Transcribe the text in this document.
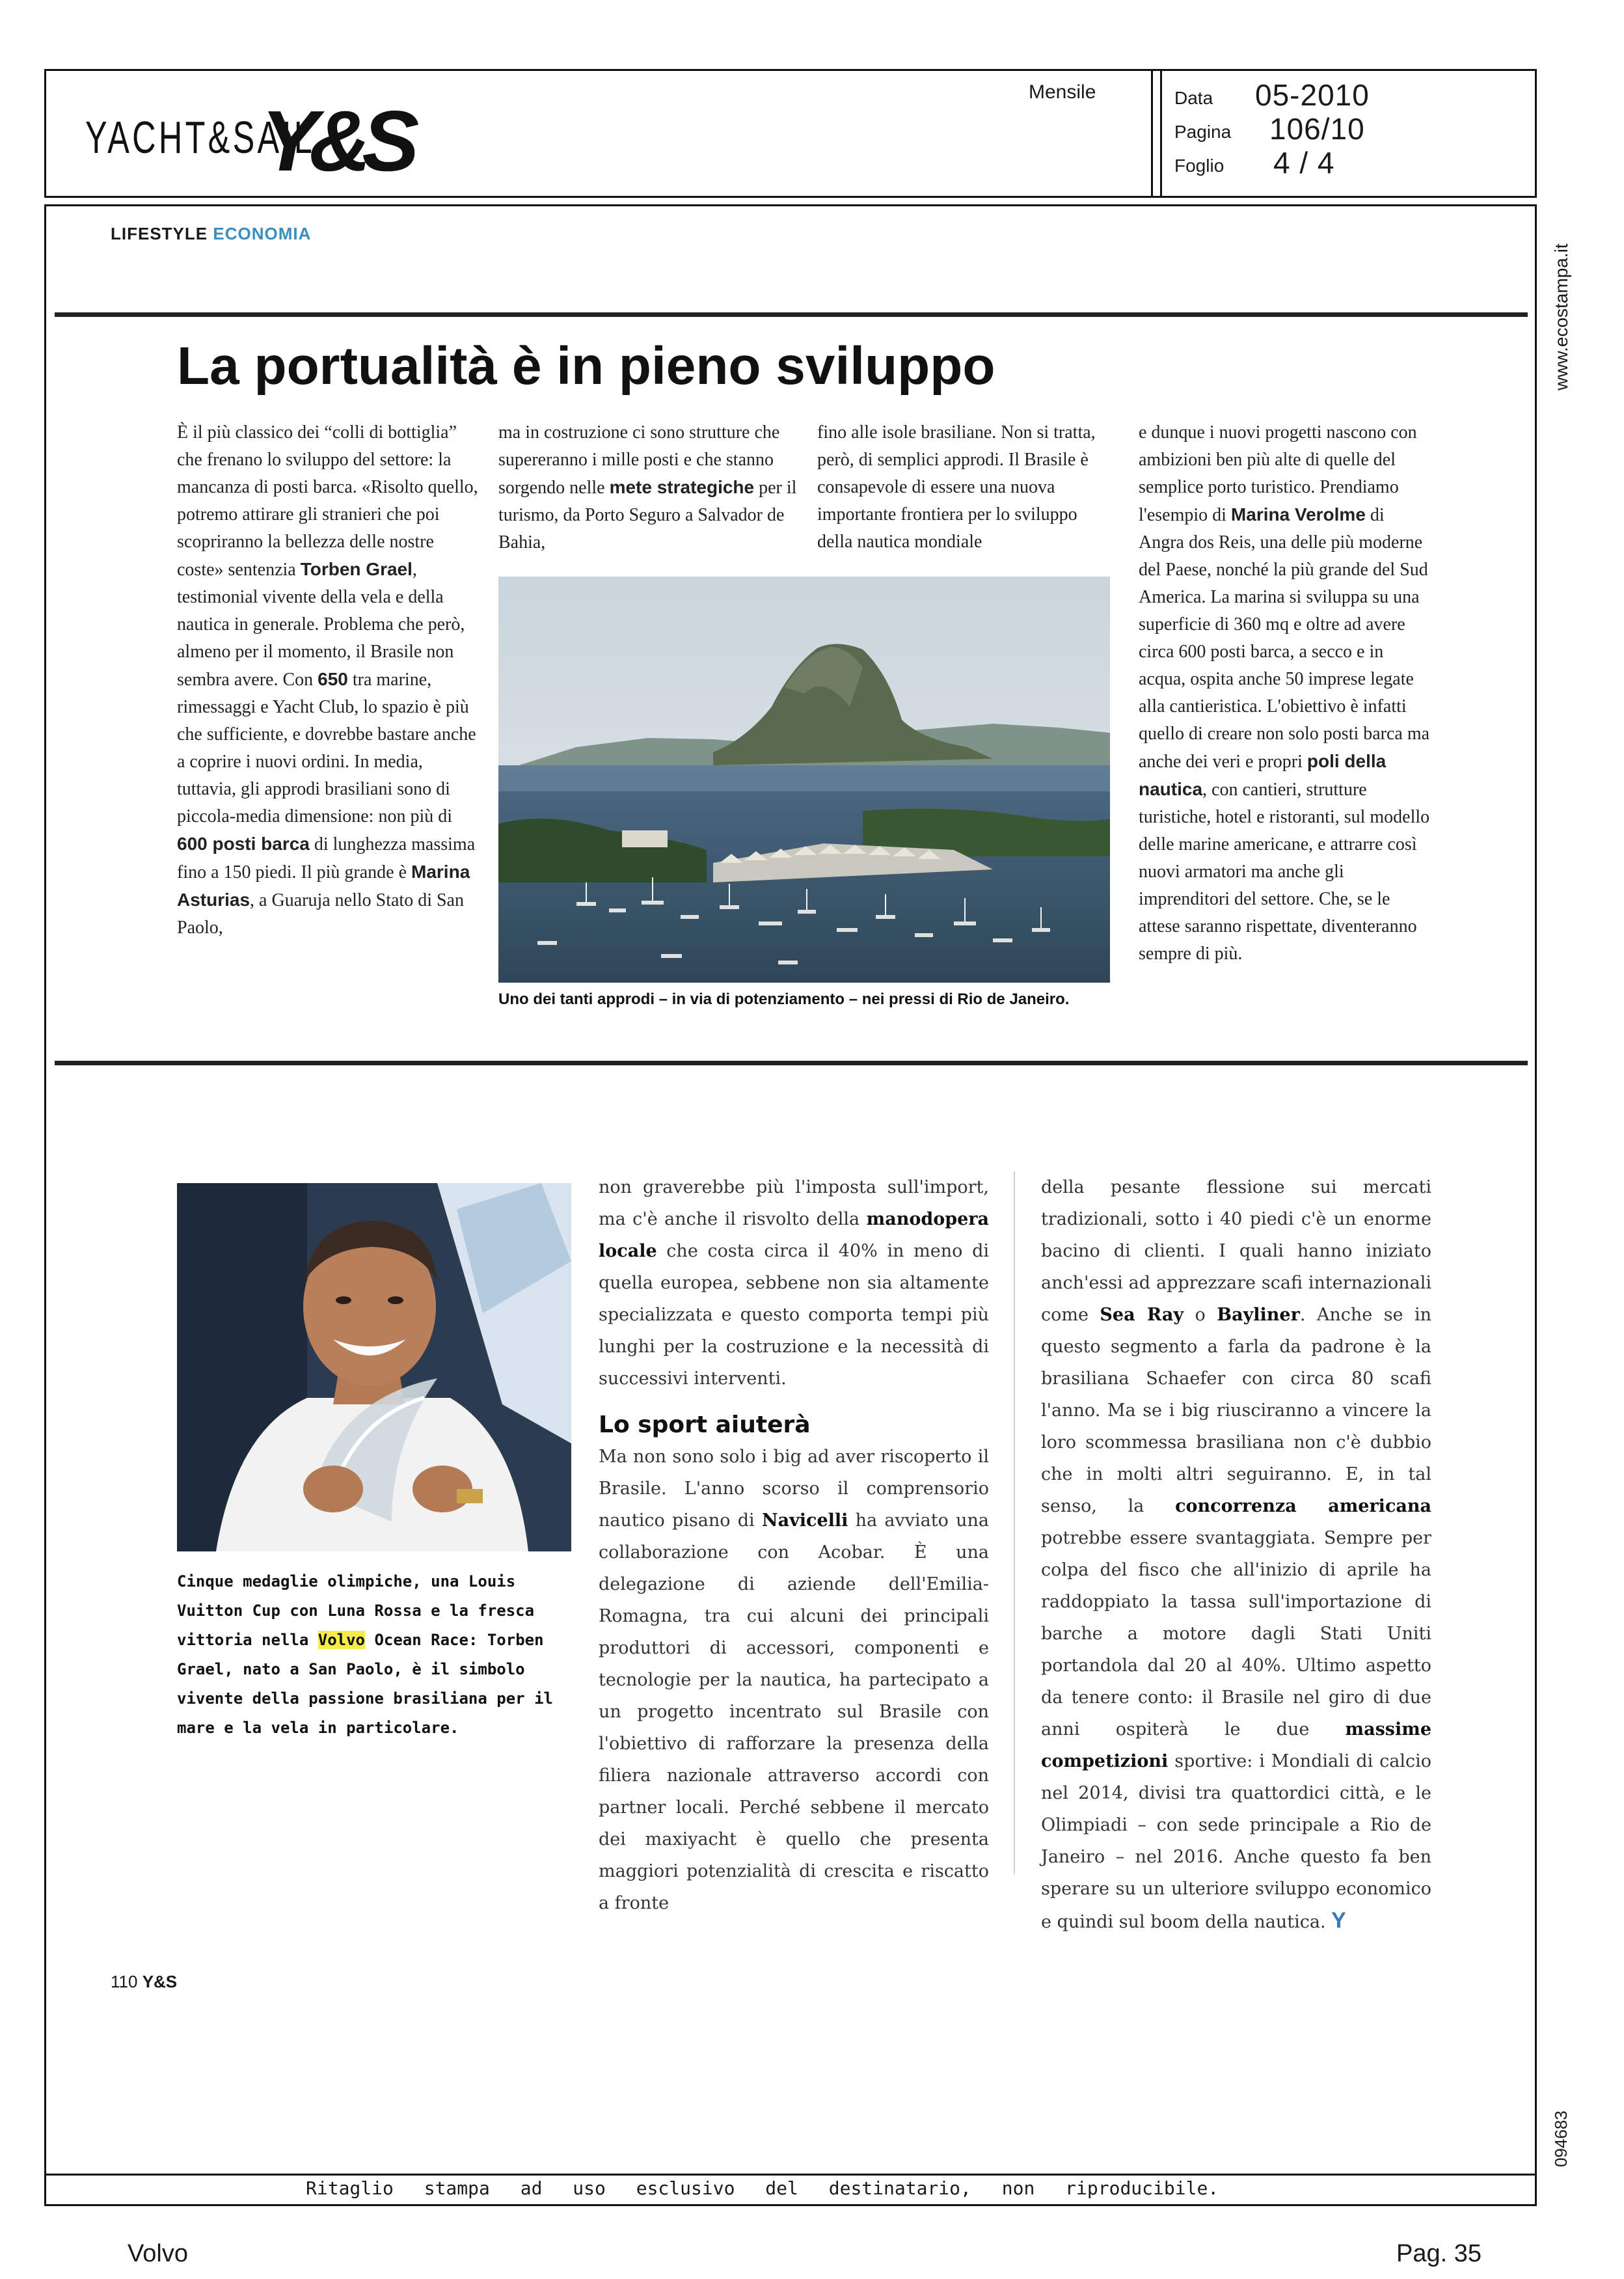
YACHT&SAIL
Y&S
Mensile	Data 05-2010
Pagina 106/10
Foglio 4 / 4
www.ecostampa.it
094683
LIFESTYLE ECONOMIA
La portualità è in pieno sviluppo
È il più classico dei “colli di bottiglia” che frenano lo sviluppo del settore: la mancanza di posti barca. «Risolto quello, potremo attirare gli stranieri che poi scopriranno la bellezza delle nostre coste» sentenzia Torben Grael, testimonial vivente della vela e della nautica in generale. Problema che però, almeno per il momento, il Brasile non sembra avere. Con 650 tra marine, rimessaggi e Yacht Club, lo spazio è più che sufficiente, e dovrebbe bastare anche a coprire i nuovi ordini. In media, tuttavia, gli approdi brasiliani sono di piccola-media dimensione: non più di 600 posti barca di lunghezza massima fino a 150 piedi. Il più grande è Marina Asturias, a Guaruja nello Stato di San Paolo,
ma in costruzione ci sono strutture che supereranno i mille posti e che stanno sorgendo nelle mete strategiche per il turismo, da Porto Seguro a Salvador de Bahia,
fino alle isole brasiliane. Non si tratta, però, di semplici approdi. Il Brasile è consapevole di essere una nuova importante frontiera per lo sviluppo della nautica mondiale
e dunque i nuovi progetti nascono con ambizioni ben più alte di quelle del semplice porto turistico. Prendiamo l'esempio di Marina Verolme di Angra dos Reis, una delle più moderne del Paese, nonché la più grande del Sud America. La marina si sviluppa su una superficie di 360 mq e oltre ad avere circa 600 posti barca, a secco e in acqua, ospita anche 50 imprese legate alla cantieristica. L'obiettivo è infatti quello di creare non solo posti barca ma anche dei veri e propri poli della nautica, con cantieri, strutture turistiche, hotel e ristoranti, sul modello delle marine americane, e attrarre così nuovi armatori ma anche gli imprenditori del settore. Che, se le attese saranno rispettate, diventeranno sempre di più.
Uno dei tanti approdi – in via di potenziamento – nei pressi di Rio de Janeiro.
Cinque medaglie olimpiche, una Louis Vuitton Cup con Luna Rossa e la fresca vittoria nella Volvo Ocean Race: Torben Grael, nato a San Paolo, è il simbolo vivente della passione brasiliana per il mare e la vela in particolare.
non graverebbe più l'imposta sull'import, ma c'è anche il risvolto della manodopera locale che costa circa il 40% in meno di quella europea, sebbene non sia altamente specializzata e questo comporta tempi più lunghi per la costruzione e la necessità di successivi interventi.
Lo sport aiuterà
Ma non sono solo i big ad aver riscoperto il Brasile. L'anno scorso il comprensorio nautico pisano di Navicelli ha avviato una collaborazione con Acobar. È una delegazione di aziende dell'Emilia-Romagna, tra cui alcuni dei principali produttori di accessori, componenti e tecnologie per la nautica, ha partecipato a un progetto incentrato sul Brasile con l'obiettivo di rafforzare la presenza della filiera nazionale attraverso accordi con partner locali. Perché sebbene il mercato dei maxiyacht è quello che presenta maggiori potenzialità di crescita e riscatto a fronte
della pesante flessione sui mercati tradizionali, sotto i 40 piedi c'è un enorme bacino di clienti. I quali hanno iniziato anch'essi ad apprezzare scafi internazionali come Sea Ray o Bayliner. Anche se in questo segmento a farla da padrone è la brasiliana Schaefer con circa 80 scafi l'anno. Ma se i big riusciranno a vincere la loro scommessa brasiliana non c'è dubbio che in molti altri seguiranno. E, in tal senso, la concorrenza americana potrebbe essere svantaggiata. Sempre per colpa del fisco che all'inizio di aprile ha raddoppiato la tassa sull'importazione di barche a motore dagli Stati Uniti portandola dal 20 al 40%. Ultimo aspetto da tenere conto: il Brasile nel giro di due anni ospiterà le due massime competizioni sportive: i Mondiali di calcio nel 2014, divisi tra quattordici città, e le Olimpiadi – con sede principale a Rio de Janeiro – nel 2016. Anche questo fa ben sperare su un ulteriore sviluppo economico e quindi sul boom della nautica. Y
110 Y&S
Ritaglio stampa ad uso esclusivo del destinatario, non riproducibile.
Volvo	Pag. 35
